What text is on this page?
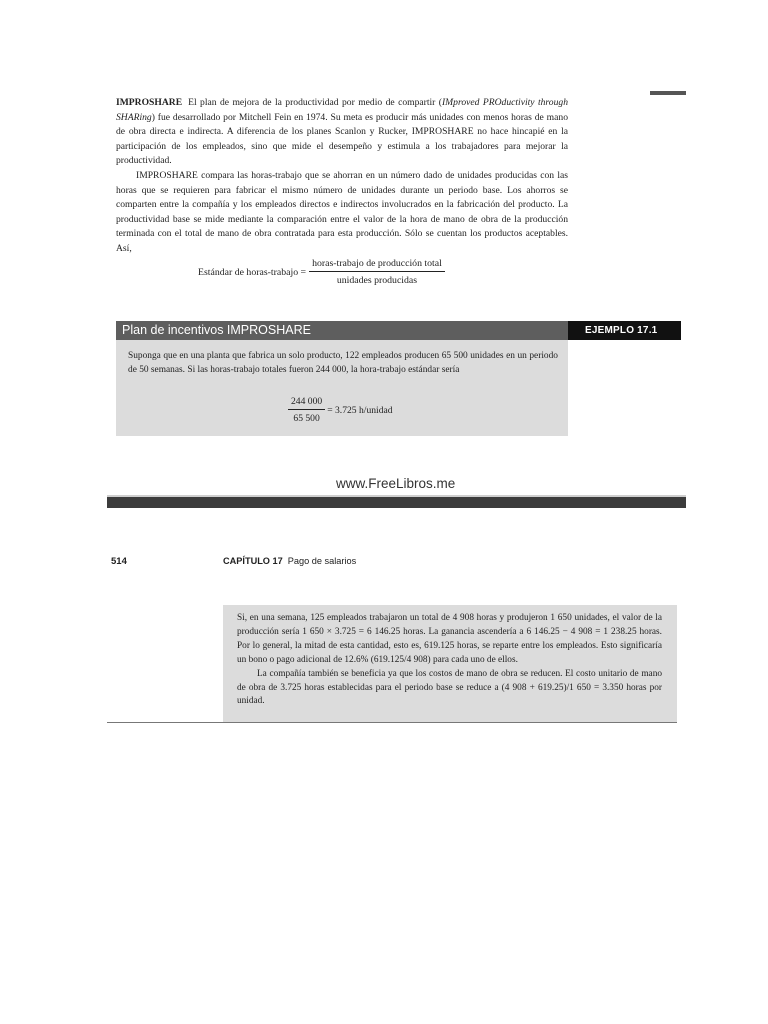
IMPROSHARE El plan de mejora de la productividad por medio de compartir (IMproved PROductivity through SHARing) fue desarrollado por Mitchell Fein en 1974. Su meta es producir más unidades con menos horas de mano de obra directa e indirecta. A diferencia de los planes Scanlon y Rucker, IMPROSHARE no hace hincapié en la participación de los empleados, sino que mide el desempeño y estimula a los trabajadores para mejorar la productividad.

IMPROSHARE compara las horas-trabajo que se ahorran en un número dado de unidades producidas con las horas que se requieren para fabricar el mismo número de unidades durante un periodo base. Los ahorros se comparten entre la compañía y los empleados directos e indirectos involucrados en la fabricación del producto. La productividad base se mide mediante la comparación entre el valor de la hora de mano de obra de la producción terminada con el total de mano de obra contratada para esta producción. Sólo se cuentan los productos aceptables. Así,

Estándar de horas-trabajo = $\frac{\text{horas-trabajo de producción total}}{\text{unidades producidas}}$
Plan de incentivos IMPROSHARE	EJEMPLO 17.1
Suponga que en una planta que fabrica un solo producto, 122 empleados producen 65 500 unidades en un periodo de 50 semanas. Si las horas-trabajo totales fueron 244 000, la hora-trabajo estándar sería
$\frac{244 000}{65 500} = 3.725$ h/unidad
www.FreeLibros.me
514	CAPÍTULO 17 Pago de salarios

Si, en una semana, 125 empleados trabajaron un total de 4 908 horas y produjeron 1 650 unidades, el valor de la producción sería 1 650 × 3.725 = 6 146.25 horas. La ganancia ascendería a 6 146.25 − 4 908 = 1 238.25 horas. Por lo general, la mitad de esta cantidad, esto es, 619.125 horas, se reparte entre los empleados. Esto significaría un bono o pago adicional de 12.6% (619.125/4 908) para cada uno de ellos.

La compañía también se beneficia ya que los costos de mano de obra se reducen. El costo unitario de mano de obra de 3.725 horas establecidas para el periodo base se reduce a (4 908 + 619.25)/1 650 = 3.350 horas por unidad.
